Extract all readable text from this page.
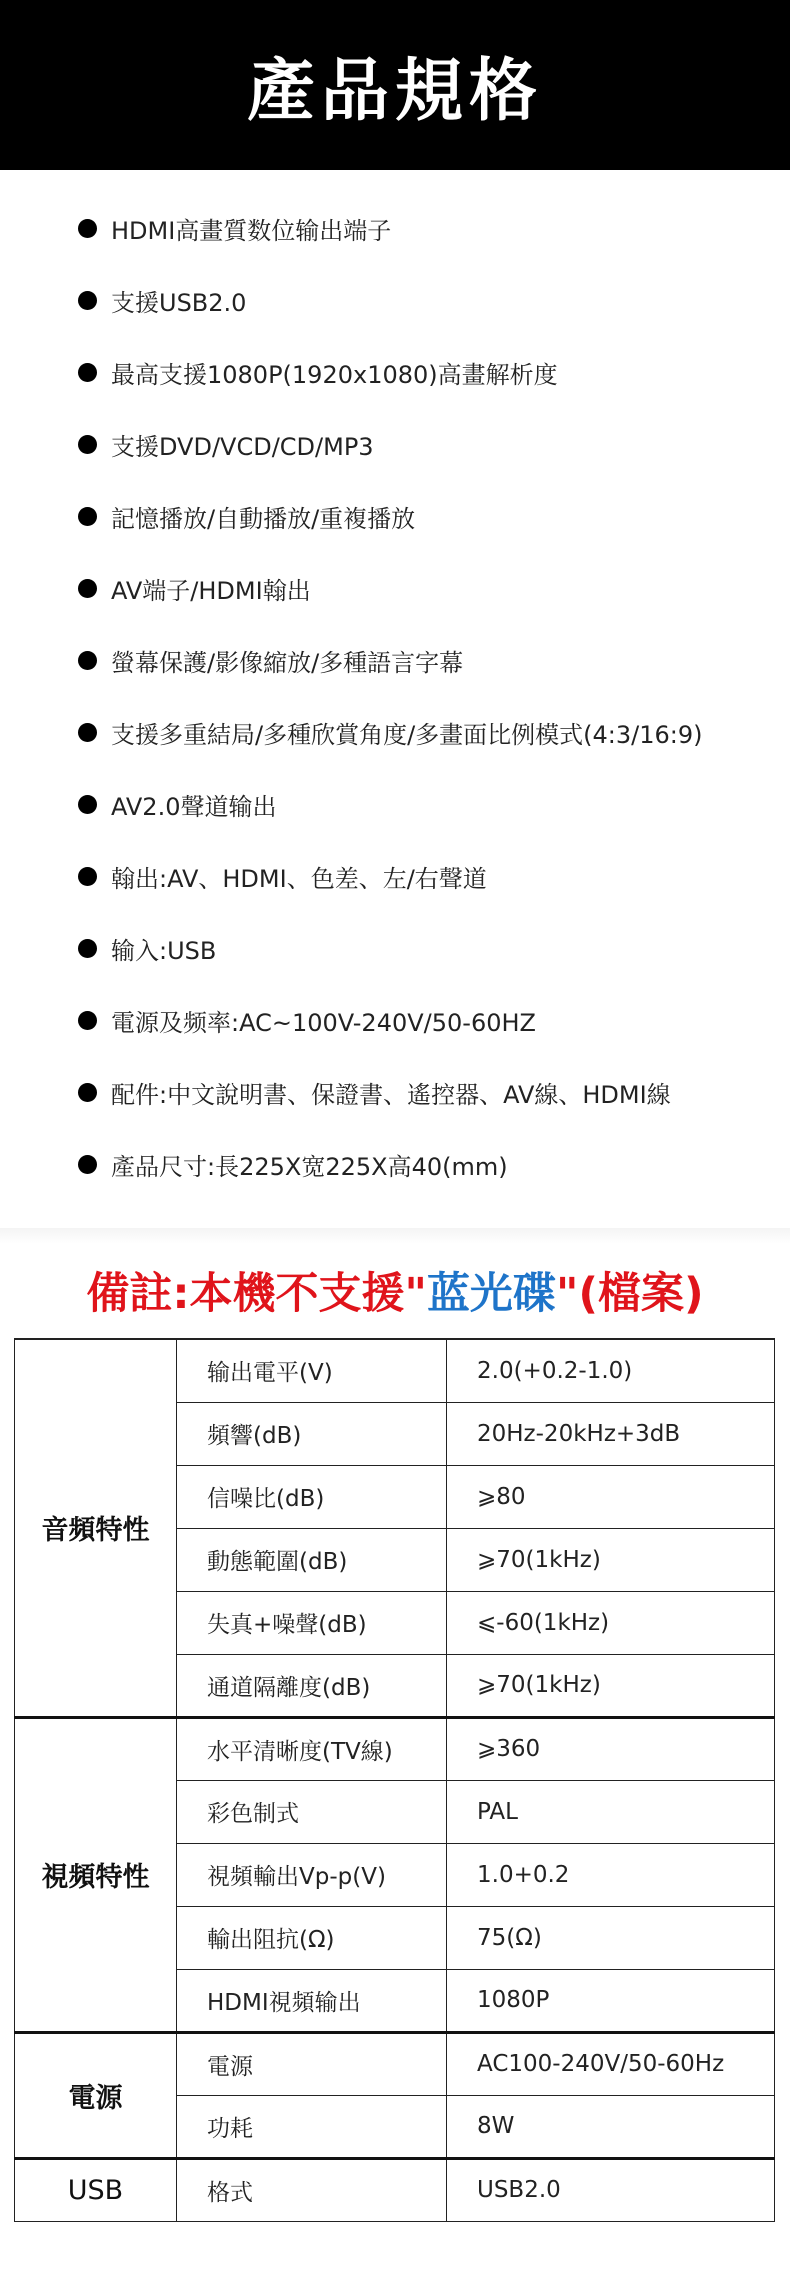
產品規格
HDMI高畫質数位输出端子
支援USB2.0
最高支援1080P(1920x1080)高畫解析度
支援DVD/VCD/CD/MP3
記憶播放/自動播放/重複播放
AV端子/HDMI翰出
螢幕保護/影像縮放/多種語言字幕
支援多重結局/多種欣賞角度/多畫面比例模式(4:3/16:9)
AV2.0聲道输出
翰出:AV、HDMI、色差、左/右聲道
输入:USB
電源及频率:AC~100V-240V/50-60HZ
配件:中文說明書、保證書、遙控器、AV線、HDMI線
產品尺寸:長225X宽225X高40(mm)
備註:本機不支援" 蓝光碟 "(檔案)
音頻特性	输出電平(V)	2.0(+0.2-1.0)
	頻響(dB)	20Hz-20kHz+3dB
	信噪比(dB)	⩾80
	動態範圍(dB)	⩾70(1kHz)
	失真+噪聲(dB)	⩽-60(1kHz)
	通道隔離度(dB)	⩾70(1kHz)
視頻特性	水平清晰度(TV線)	⩾360
	彩色制式	PAL
	視頻輸出Vp-p(V)	1.0+0.2
	輸出阻抗(Ω)	75(Ω)
	HDMI視頻输出	1080P
電源	電源	AC100-240V/50-60Hz
	功耗	8W
USB	格式	USB2.0
